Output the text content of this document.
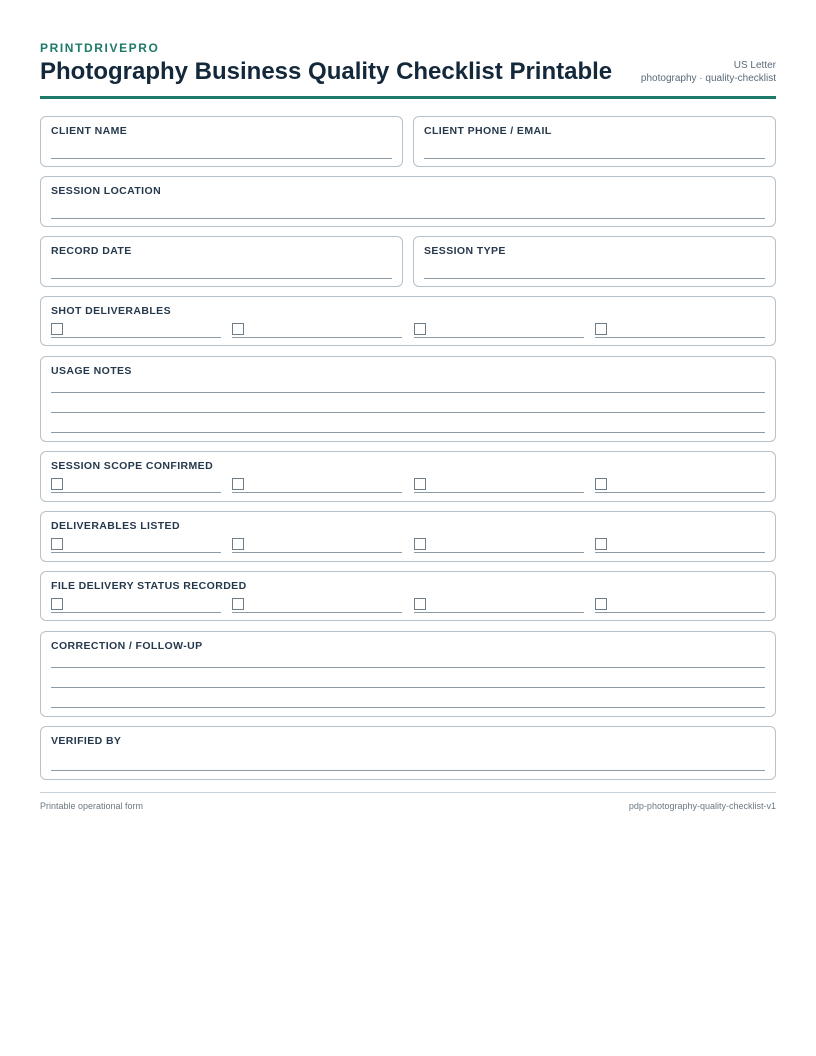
PRINTDRIVEPRO
Photography Business Quality Checklist Printable	US Letter
photography · quality-checklist
CLIENT NAME	CLIENT PHONE / EMAIL
SESSION LOCATION
RECORD DATE	SESSION TYPE
SHOT DELIVERABLES
USAGE NOTES
SESSION SCOPE CONFIRMED
DELIVERABLES LISTED
FILE DELIVERY STATUS RECORDED
CORRECTION / FOLLOW-UP
VERIFIED BY
Printable operational form	pdp-photography-quality-checklist-v1
